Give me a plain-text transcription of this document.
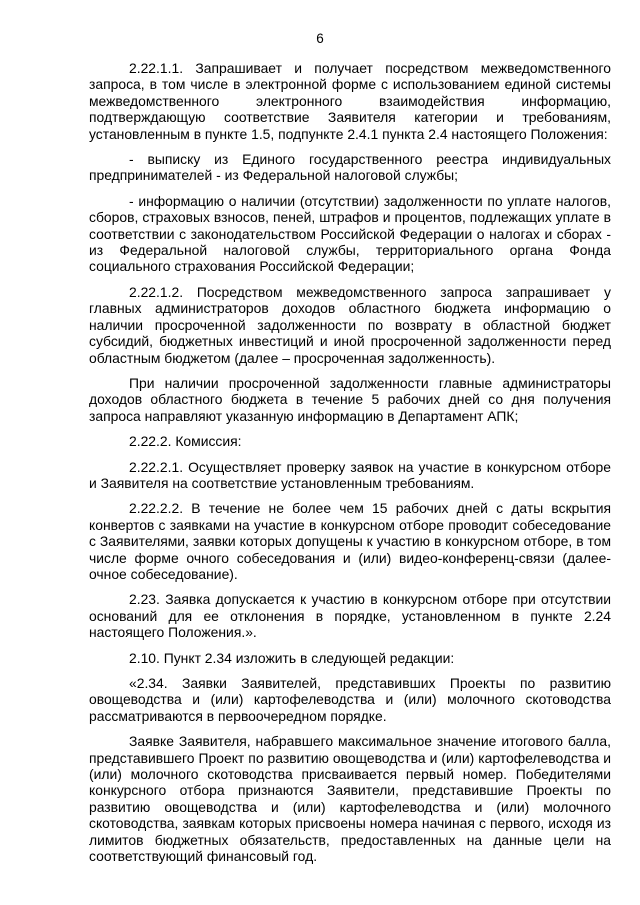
6

2.22.1.1. Запрашивает и получает посредством межведомственного запроса, в том числе в электронной форме с использованием единой системы межведомственного электронного взаимодействия информацию, подтверждающую соответствие Заявителя категории и требованиям, установленным в пункте 1.5, подпункте 2.4.1 пункта 2.4 настоящего Положения:

- выписку из Единого государственного реестра индивидуальных предпринимателей - из Федеральной налоговой службы;

- информацию о наличии (отсутствии) задолженности по уплате налогов, сборов, страховых взносов, пеней, штрафов и процентов, подлежащих уплате в соответствии с законодательством Российской Федерации о налогах и сборах - из Федеральной налоговой службы, территориального органа Фонда социального страхования Российской Федерации;

2.22.1.2. Посредством межведомственного запроса запрашивает у главных администраторов доходов областного бюджета информацию о наличии просроченной задолженности по возврату в областной бюджет субсидий, бюджетных инвестиций и иной просроченной задолженности перед областным бюджетом (далее – просроченная задолженность).

При наличии просроченной задолженности главные администраторы доходов областного бюджета в течение 5 рабочих дней со дня получения запроса направляют указанную информацию в Департамент АПК;

2.22.2. Комиссия:

2.22.2.1. Осуществляет проверку заявок на участие в конкурсном отборе и Заявителя на соответствие установленным требованиям.

2.22.2.2. В течение не более чем 15 рабочих дней с даты вскрытия конвертов с заявками на участие в конкурсном отборе проводит собеседование с Заявителями, заявки которых допущены к участию в конкурсном отборе, в том числе форме очного собеседования и (или) видео-конференц-связи (далее-очное собеседование).

2.23. Заявка допускается к участию в конкурсном отборе при отсутствии оснований для ее отклонения в порядке, установленном в пункте 2.24 настоящего Положения.».

2.10. Пункт 2.34 изложить в следующей редакции:

«2.34. Заявки Заявителей, представивших Проекты по развитию овощеводства и (или) картофелеводства и (или) молочного скотоводства рассматриваются в первоочередном порядке.

Заявке Заявителя, набравшего максимальное значение итогового балла, представившего Проект по развитию овощеводства и (или) картофелеводства и (или) молочного скотоводства присваивается первый номер. Победителями конкурсного отбора признаются Заявители, представившие Проекты по развитию овощеводства и (или) картофелеводства и (или) молочного скотоводства, заявкам которых присвоены номера начиная с первого, исходя из лимитов бюджетных обязательств, предоставленных на данные цели на соответствующий финансовый год.
